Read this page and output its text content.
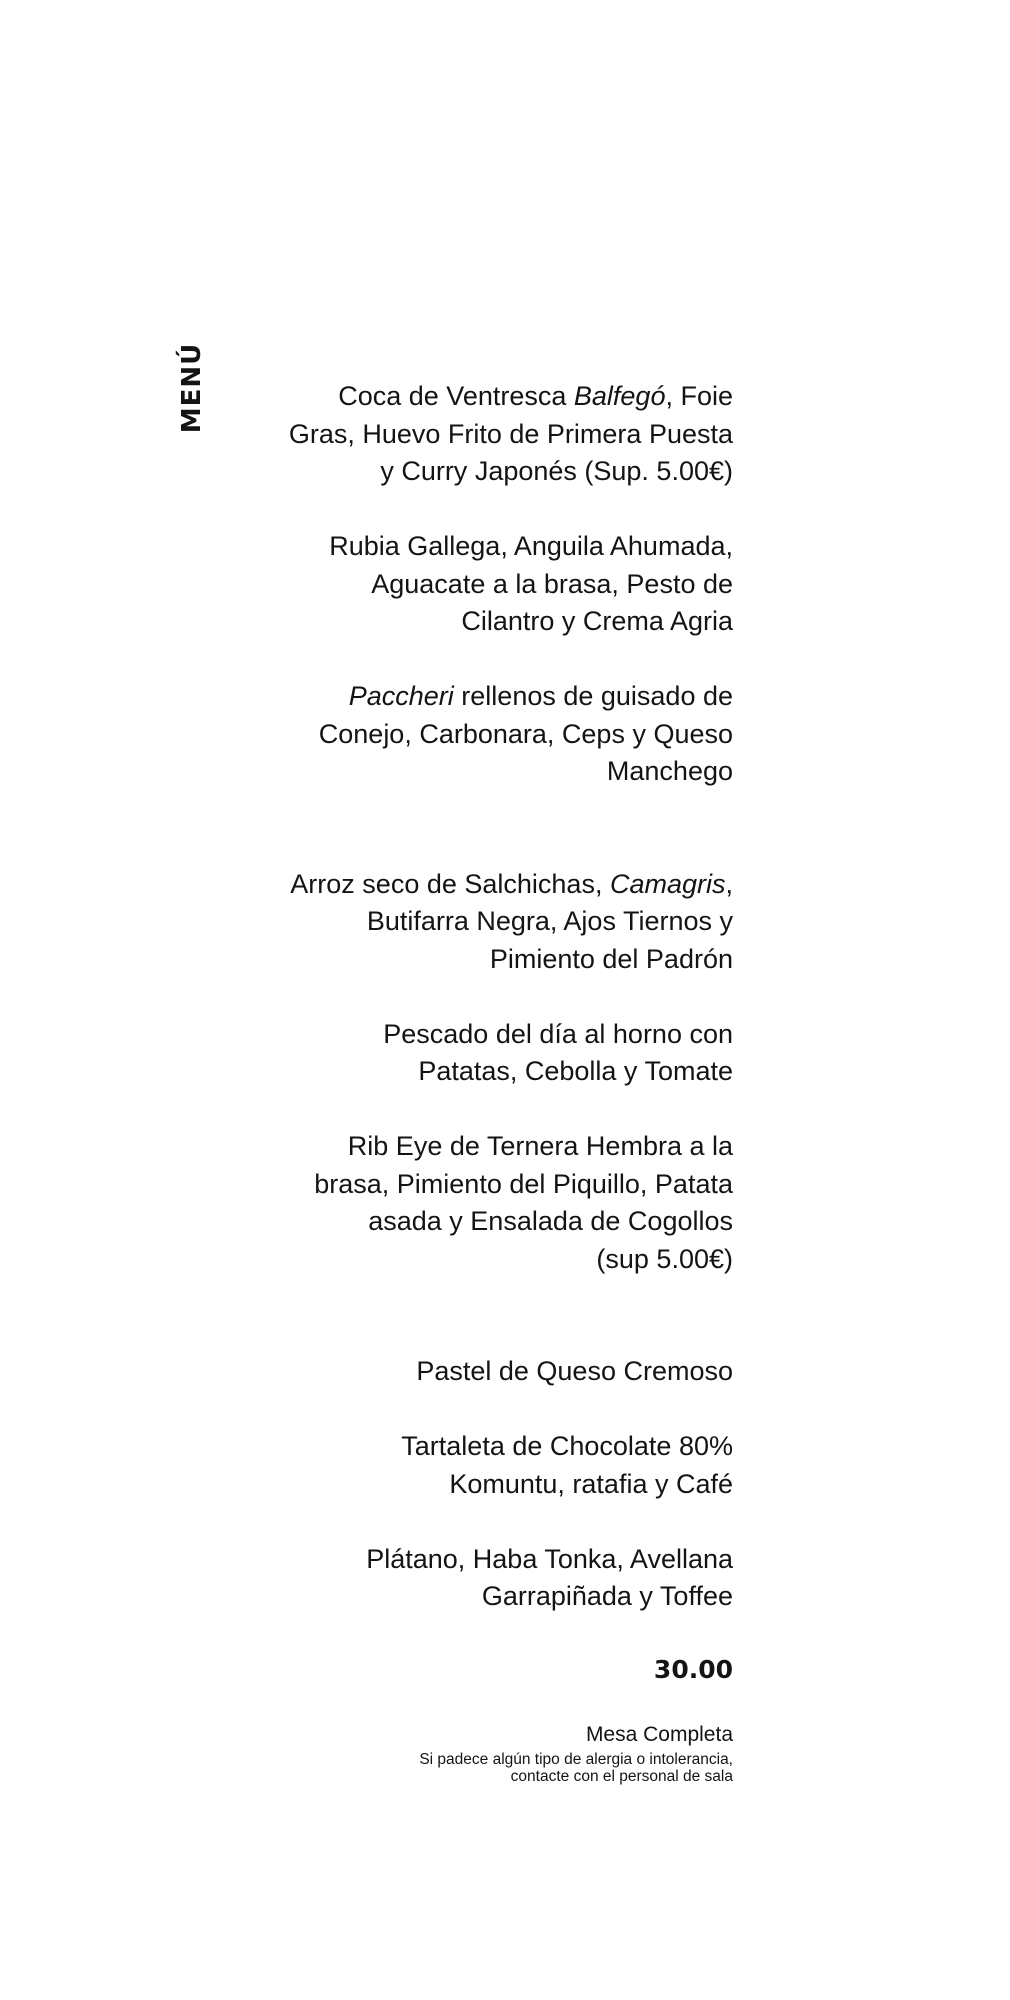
MENÚ	Coca de Ventresca Balfegó, Foie
Gras, Huevo Frito de Primera Puesta
y Curry Japonés (Sup. 5.00€)

Rubia Gallega, Anguila Ahumada,
Aguacate a la brasa, Pesto de
Cilantro y Crema Agria

Paccheri rellenos de guisado de
Conejo, Carbonara, Ceps y Queso
Manchego

Arroz seco de Salchichas, Camagris,
Butifarra Negra, Ajos Tiernos y
Pimiento del Padrón

Pescado del día al horno con
Patatas, Cebolla y Tomate

Rib Eye de Ternera Hembra a la
brasa, Pimiento del Piquillo, Patata
asada y Ensalada de Cogollos
(sup 5.00€)

Pastel de Queso Cremoso

Tartaleta de Chocolate 80%
Komuntu, ratafia y Café

Plátano, Haba Tonka, Avellana
Garrapiñada y Toffee

30.00

Mesa Completa

Si padece algún tipo de alergia o intolerancia,
contacte con el personal de sala
